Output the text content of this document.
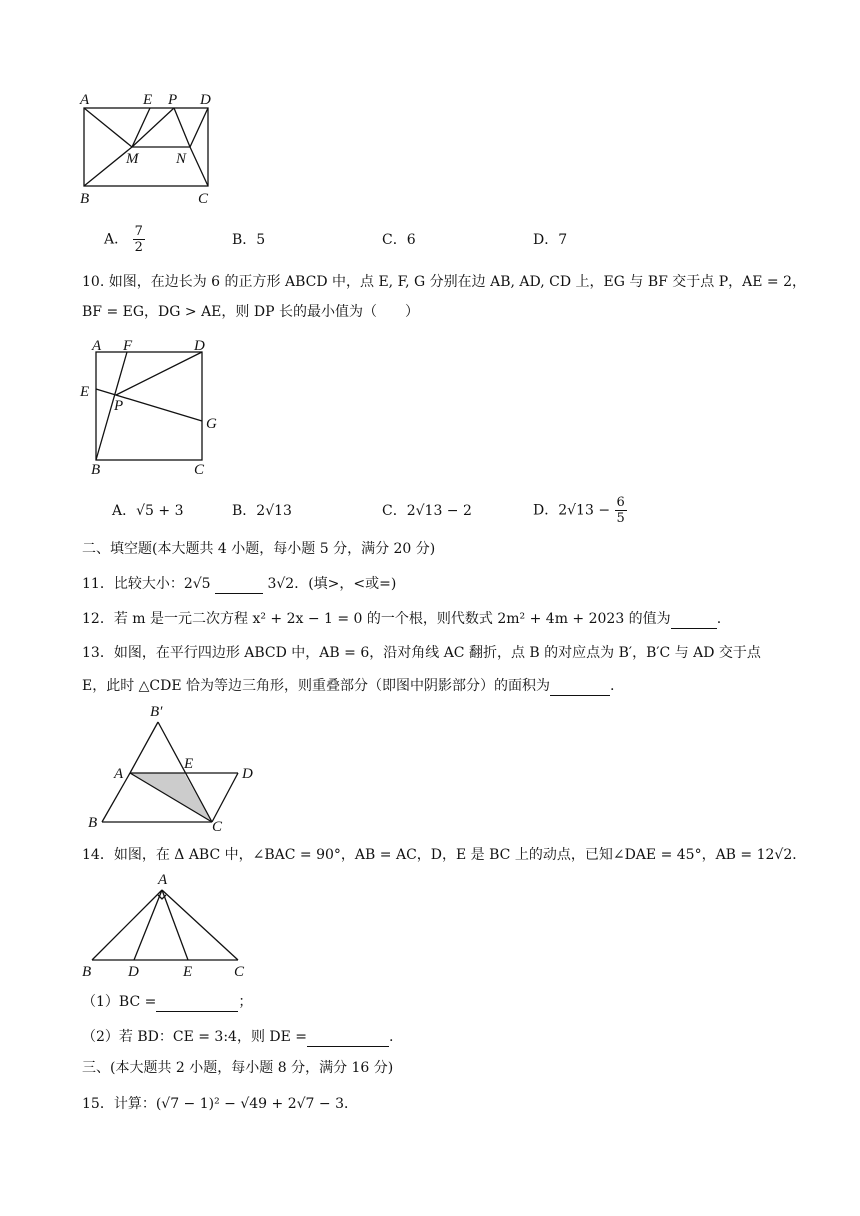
A	E P D
M	N
B	C
A． $\frac{7}{2}$	B．5	C．6	D．7
10. 如图，在边长为 6 的正方形 ABCD 中，点 E, F, G 分别在边 AB, AD, CD 上，EG 与 BF 交于点 P，AE = 2，
BF = EG，DG > AE，则 DP 长的最小值为（　　）
A F	D
E
P
G
B	C
A．√5 + 3	B．2√13	C．2√13 − 2	D．$2√13 - \frac{6}{5}$
二、填空题(本大题共 4 小题，每小题 5 分，满分 20 分)
11．比较大小：2√5	3√2．(填>，<或=)
12．若 m 是一元二次方程 x² + 2x − 1 = 0 的一个根，则代数式 2m² + 4m + 2023 的值为	.
13．如图，在平行四边形 ABCD 中，AB = 6，沿对角线 AC 翻折，点 B 的对应点为 B′，B′C 与 AD 交于点
E，此时 △CDE 恰为等边三角形，则重叠部分（即图中阴影部分）的面积为	.
B′
A
E
D
B	C
14．如图，在 Δ ABC 中，∠BAC = 90°，AB = AC，D，E 是 BC 上的动点，已知∠DAE = 45°，AB = 12√2．
A
B D	E	C
（1）BC =	；
（2）若 BD：CE = 3:4，则 DE =	.
三、(本大题共 2 小题，每小题 8 分，满分 16 分)
15．计算：(√7 − 1)² − √49 + 2√7 − 3．
